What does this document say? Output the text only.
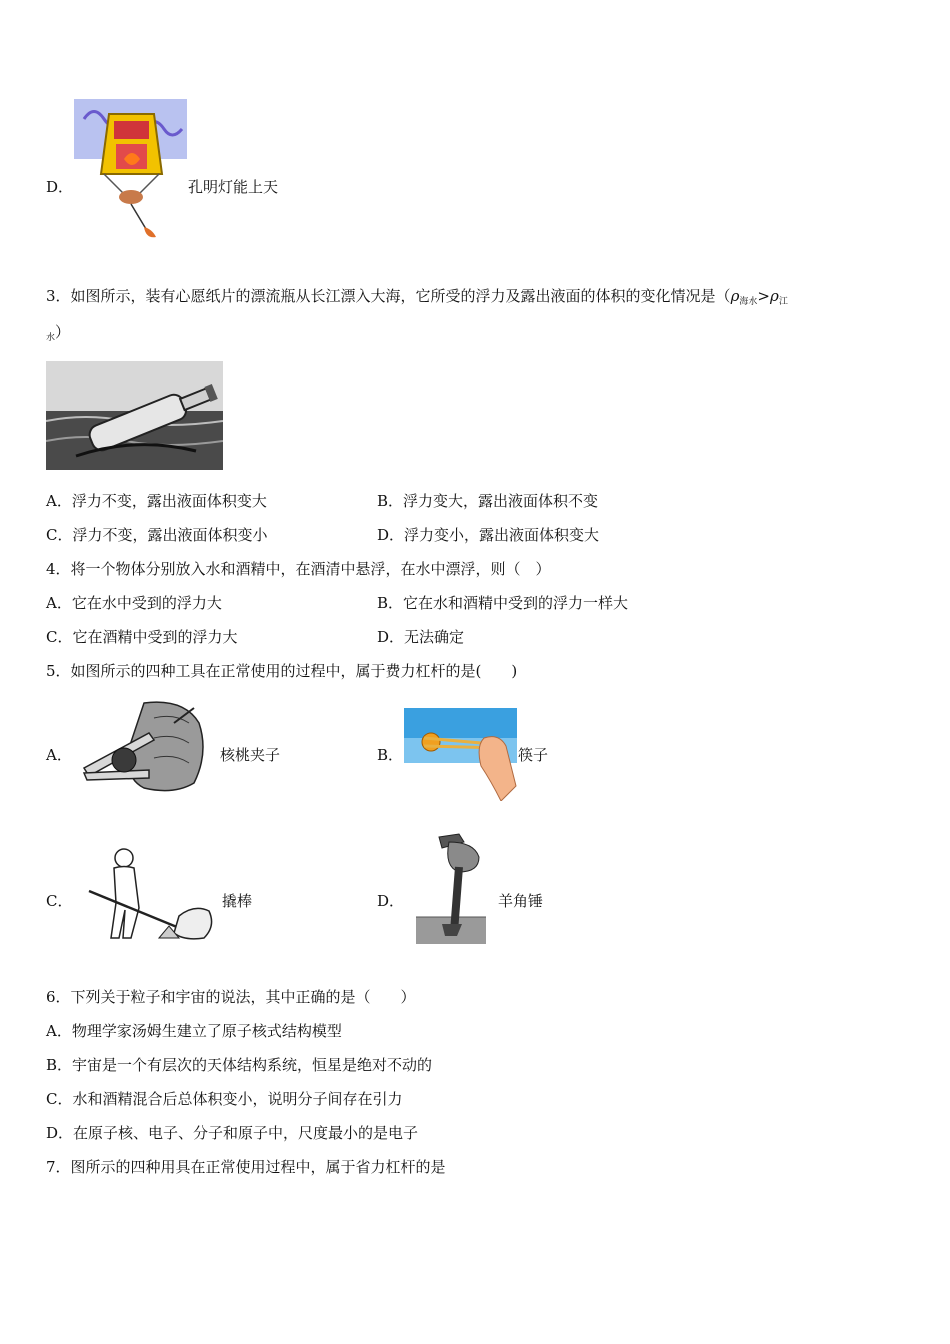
D．	孔明灯能上天
3．如图所示，装有心愿纸片的漂流瓶从长江漂入大海，它所受的浮力及露出液面的体积的变化情况是（$\rho_{海水}>\rho_江$
$_水$）
A．浮力不变，露出液面体积变大	B．浮力变大，露出液面体积不变
C．浮力不变，露出液面体积变小	D．浮力变小，露出液面体积变大
4．将一个物体分别放入水和酒精中，在酒清中悬浮，在水中漂浮，则（　）
A．它在水中受到的浮力大	B．它在水和酒精中受到的浮力一样大
C．它在酒精中受到的浮力大	D．无法确定
5．如图所示的四种工具在正常使用的过程中，属于费力杠杆的是(　　)
A．	核桃夹子	B．	筷子
C．	撬棒	D．	羊角锤
6．下列关于粒子和宇宙的说法，其中正确的是（　　）
A．物理学家汤姆生建立了原子核式结构模型
B．宇宙是一个有层次的天体结构系统，恒星是绝对不动的
C．水和酒精混合后总体积变小，说明分子间存在引力
D．在原子核、电子、分子和原子中，尺度最小的是电子
7．图所示的四种用具在正常使用过程中，属于省力杠杆的是
